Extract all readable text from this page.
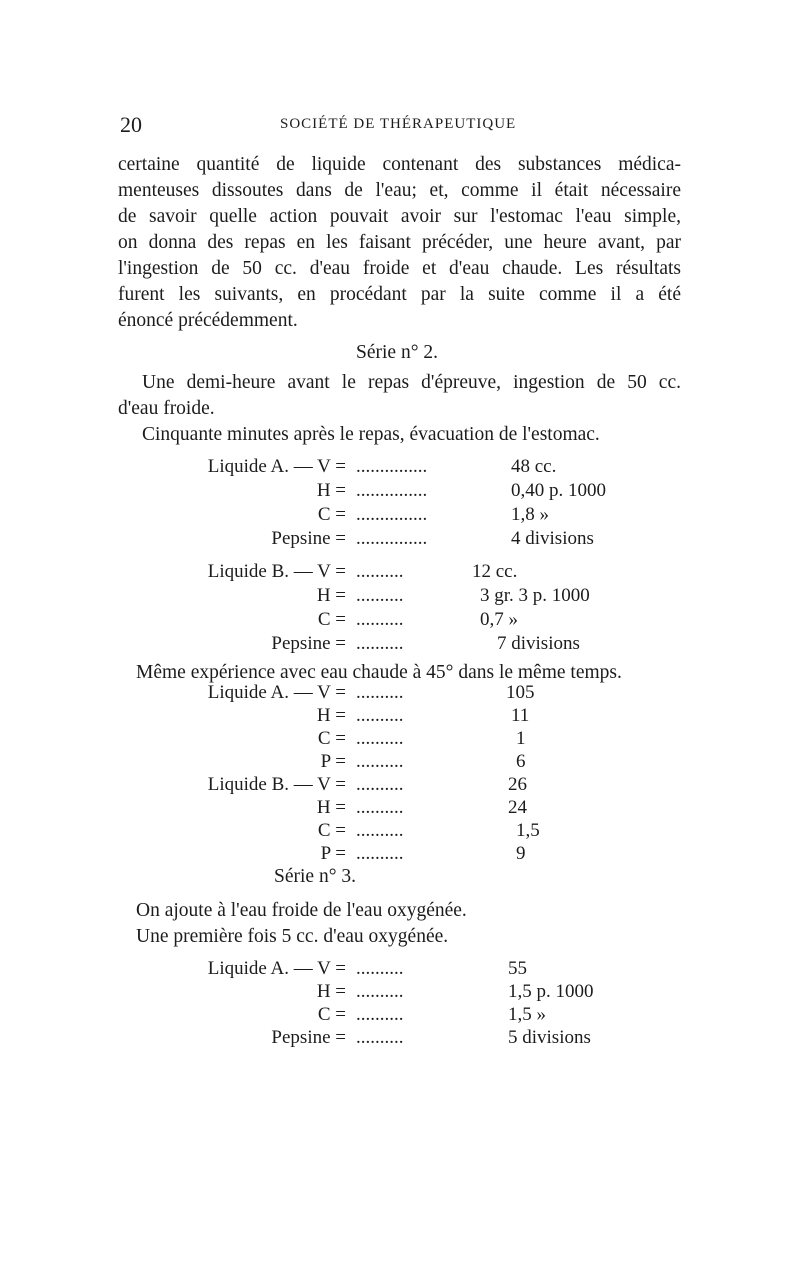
20	SOCIÉTÉ DE THÉRAPEUTIQUE
certaine quantité de liquide contenant des substances médica-
menteuses dissoutes dans de l'eau; et, comme il était nécessaire
de savoir quelle action pouvait avoir sur l'estomac l'eau simple,
on donna des repas en les faisant précéder, une heure avant, par
l'ingestion de 50 cc. d'eau froide et d'eau chaude. Les résultats
furent les suivants, en procédant par la suite comme il a été
énoncé précédemment.
Série n° 2.
Une demi-heure avant le repas d'épreuve, ingestion de 50 cc.
d'eau froide.
Cinquante minutes après le repas, évacuation de l'estomac.
Liquide A. — V = ...............	48 cc.
H = ...............	0,40 p. 1000
C = ...............	1,8 »
Pepsine = ...............	4 divisions
Liquide B. — V = ..........	12 cc.
H = ..........	3 gr. 3 p. 1000
C = ..........	0,7 »
Pepsine = ..........	7 divisions
Même expérience avec eau chaude à 45° dans le même temps.
Liquide A. — V = ..........	105
H = ..........	11
C = ..........	1
P = ..........	6
Liquide B. — V = ..........	26
H = ..........	24
C = ..........	1,5
P = ..........	9
Série n° 3.
On ajoute à l'eau froide de l'eau oxygénée.
Une première fois 5 cc. d'eau oxygénée.
Liquide A. — V = ..........	55
H = ..........	1,5 p. 1000
C = ..........	1,5 »
Pepsine = ..........	5 divisions
